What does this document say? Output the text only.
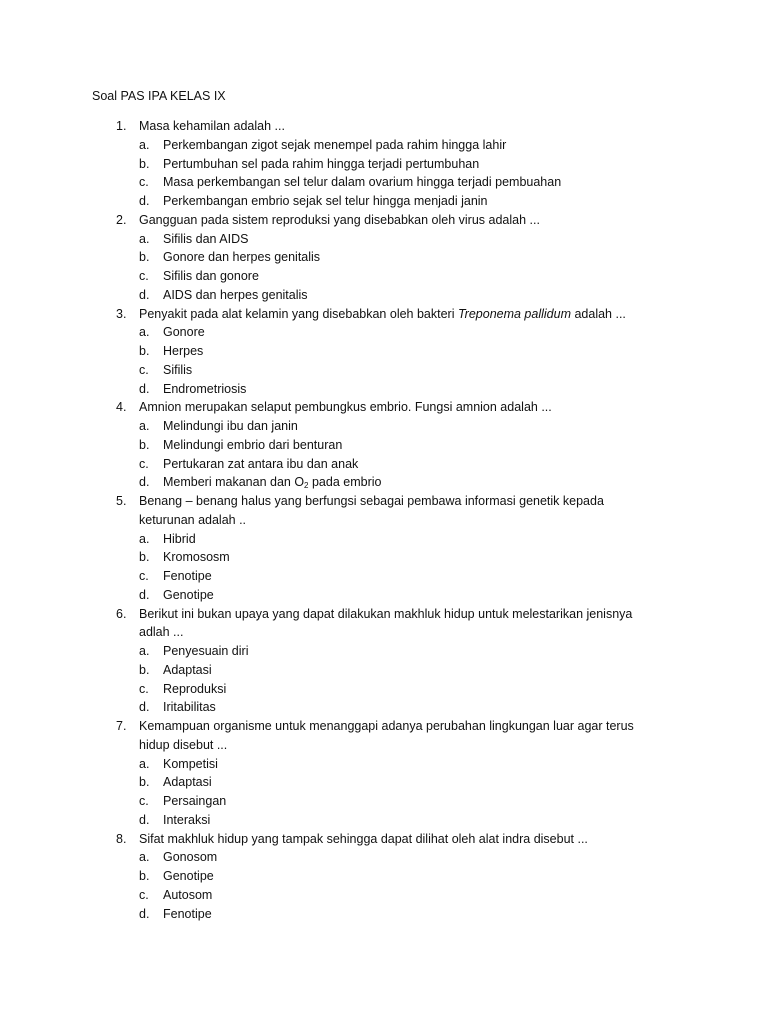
Soal PAS IPA KELAS IX
1. Masa kehamilan adalah ...
a. Perkembangan zigot sejak menempel pada rahim hingga lahir
b. Pertumbuhan sel pada rahim hingga terjadi pertumbuhan
c. Masa perkembangan sel telur dalam ovarium hingga terjadi pembuahan
d. Perkembangan embrio sejak sel telur hingga menjadi janin
2. Gangguan pada sistem reproduksi yang disebabkan oleh virus adalah ...
a. Sifilis dan AIDS
b. Gonore dan herpes genitalis
c. Sifilis dan gonore
d. AIDS dan herpes genitalis
3. Penyakit pada alat kelamin yang disebabkan oleh bakteri Treponema pallidum adalah ...
a. Gonore
b. Herpes
c. Sifilis
d. Endrometriosis
4. Amnion merupakan selaput pembungkus embrio. Fungsi amnion adalah ...
a. Melindungi ibu dan janin
b. Melindungi embrio dari benturan
c. Pertukaran zat antara ibu dan anak
d. Memberi makanan dan $O_2$ pada embrio
5. Benang – benang halus yang berfungsi sebagai pembawa informasi genetik kepada keturunan adalah ..
a. Hibrid
b. Kromososm
c. Fenotipe
d. Genotipe
6. Berikut ini bukan upaya yang dapat dilakukan makhluk hidup untuk melestarikan jenisnya adlah ...
a. Penyesuain diri
b. Adaptasi
c. Reproduksi
d. Iritabilitas
7. Kemampuan organisme untuk menanggapi adanya perubahan lingkungan luar agar terus hidup disebut ...
a. Kompetisi
b. Adaptasi
c. Persaingan
d. Interaksi
8. Sifat makhluk hidup yang tampak sehingga dapat dilihat oleh alat indra disebut ...
a. Gonosom
b. Genotipe
c. Autosom
d. Fenotipe
